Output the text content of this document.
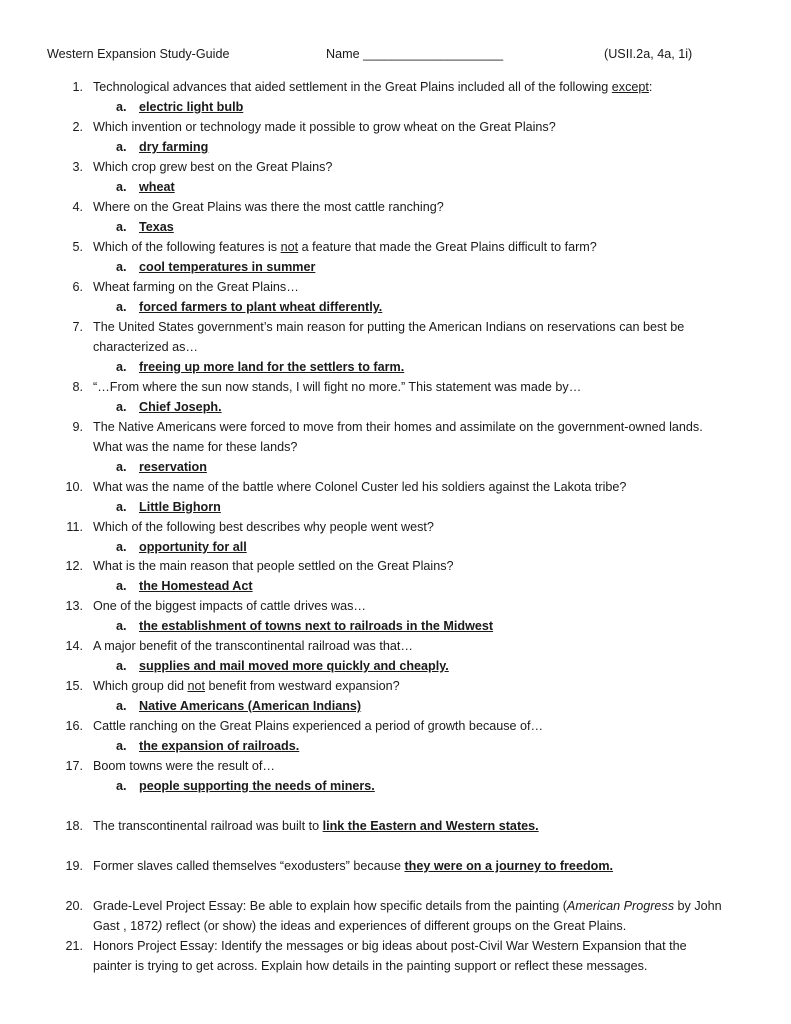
Western Expansion Study-Guide	Name ____________________	(USII.2a, 4a, 1i)
1. Technological advances that aided settlement in the Great Plains included all of the following except:
a. electric light bulb
2. Which invention or technology made it possible to grow wheat on the Great Plains?
a. dry farming
3. Which crop grew best on the Great Plains?
a. wheat
4. Where on the Great Plains was there the most cattle ranching?
a. Texas
5. Which of the following features is not a feature that made the Great Plains difficult to farm?
a. cool temperatures in summer
6. Wheat farming on the Great Plains…
a. forced farmers to plant wheat differently.
7. The United States government’s main reason for putting the American Indians on reservations can best be
characterized as…
a. freeing up more land for the settlers to farm.
8. “…From where the sun now stands, I will fight no more.” This statement was made by…
a. Chief Joseph.
9. The Native Americans were forced to move from their homes and assimilate on the government-owned lands.
What was the name for these lands?
a. reservation
10. What was the name of the battle where Colonel Custer led his soldiers against the Lakota tribe?
a. Little Bighorn
11. Which of the following best describes why people went west?
a. opportunity for all
12. What is the main reason that people settled on the Great Plains?
a. the Homestead Act
13. One of the biggest impacts of cattle drives was…
a. the establishment of towns next to railroads in the Midwest
14. A major benefit of the transcontinental railroad was that…
a. supplies and mail moved more quickly and cheaply.
15. Which group did not benefit from westward expansion?
a. Native Americans (American Indians)
16. Cattle ranching on the Great Plains experienced a period of growth because of…
a. the expansion of railroads.
17. Boom towns were the result of…
a. people supporting the needs of miners.
18. The transcontinental railroad was built to link the Eastern and Western states.
19. Former slaves called themselves “exodusters” because they were on a journey to freedom.
20. Grade-Level Project Essay: Be able to explain how specific details from the painting (American Progress by John
Gast , 1872) reflect (or show) the ideas and experiences of different groups on the Great Plains.
21. Honors Project Essay: Identify the messages or big ideas about post-Civil War Western Expansion that the
painter is trying to get across. Explain how details in the painting support or reflect these messages.
